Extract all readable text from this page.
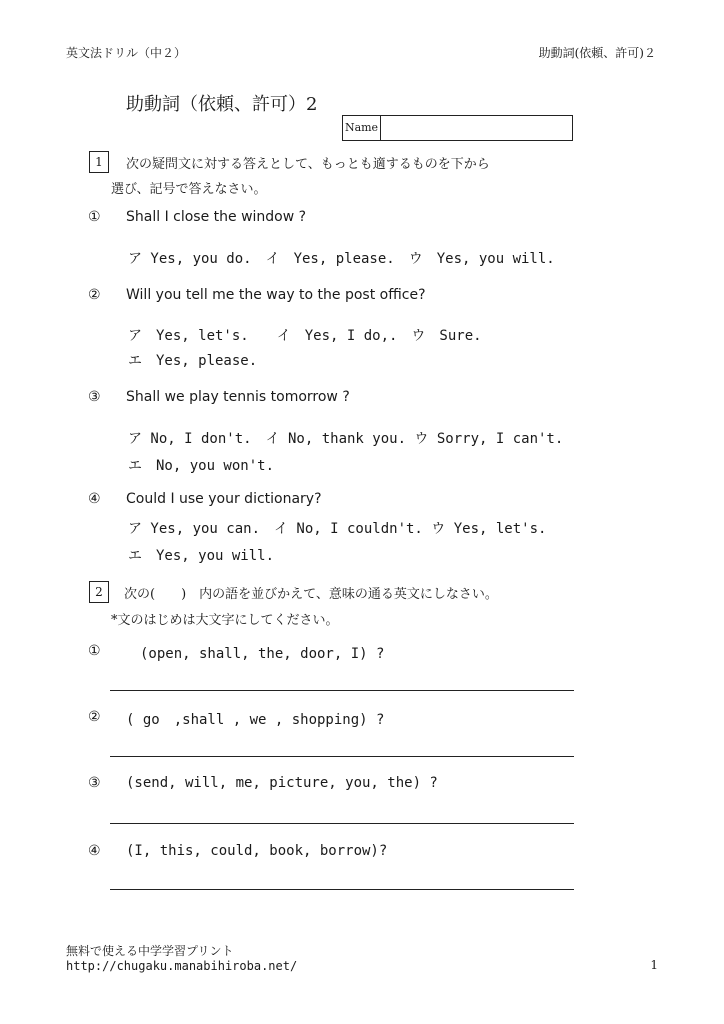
英文法ドリル（中２）	助動詞(依頼、許可)２
助動詞（依頼、許可）2
Name
1	次の疑問文に対する答えとして、もっとも適するものを下から
選び、記号で答えなさい。
① Shall I close the window ?
ア Yes, you do.　イ　Yes, please.　ウ　Yes, you will.
② Will you tell me the way to the post office?
ア　Yes, let's.　　イ　Yes, I do,.　ウ　Sure.
エ　Yes, please.
③ Shall we play tennis tomorrow ?
ア No, I don't.　イ No, thank you. ウ Sorry, I can't.
エ　No, you won't.
④ Could I use your dictionary?
ア Yes, you can.　イ No, I couldn't. ウ Yes, let's.
エ　Yes, you will.
2	次の(　　)　内の語を並びかえて、意味の通る英文にしなさい。
*文のはじめは大文字にしてください。
① 　(open, shall, the, door, I) ?
② ( go　,shall , we , shopping) ?
③ (send, will, me, picture, you, the) ?
④ (I, this, could, book, borrow)?
無料で使える中学学習プリント
http://chugaku.manabihiroba.net/	1
